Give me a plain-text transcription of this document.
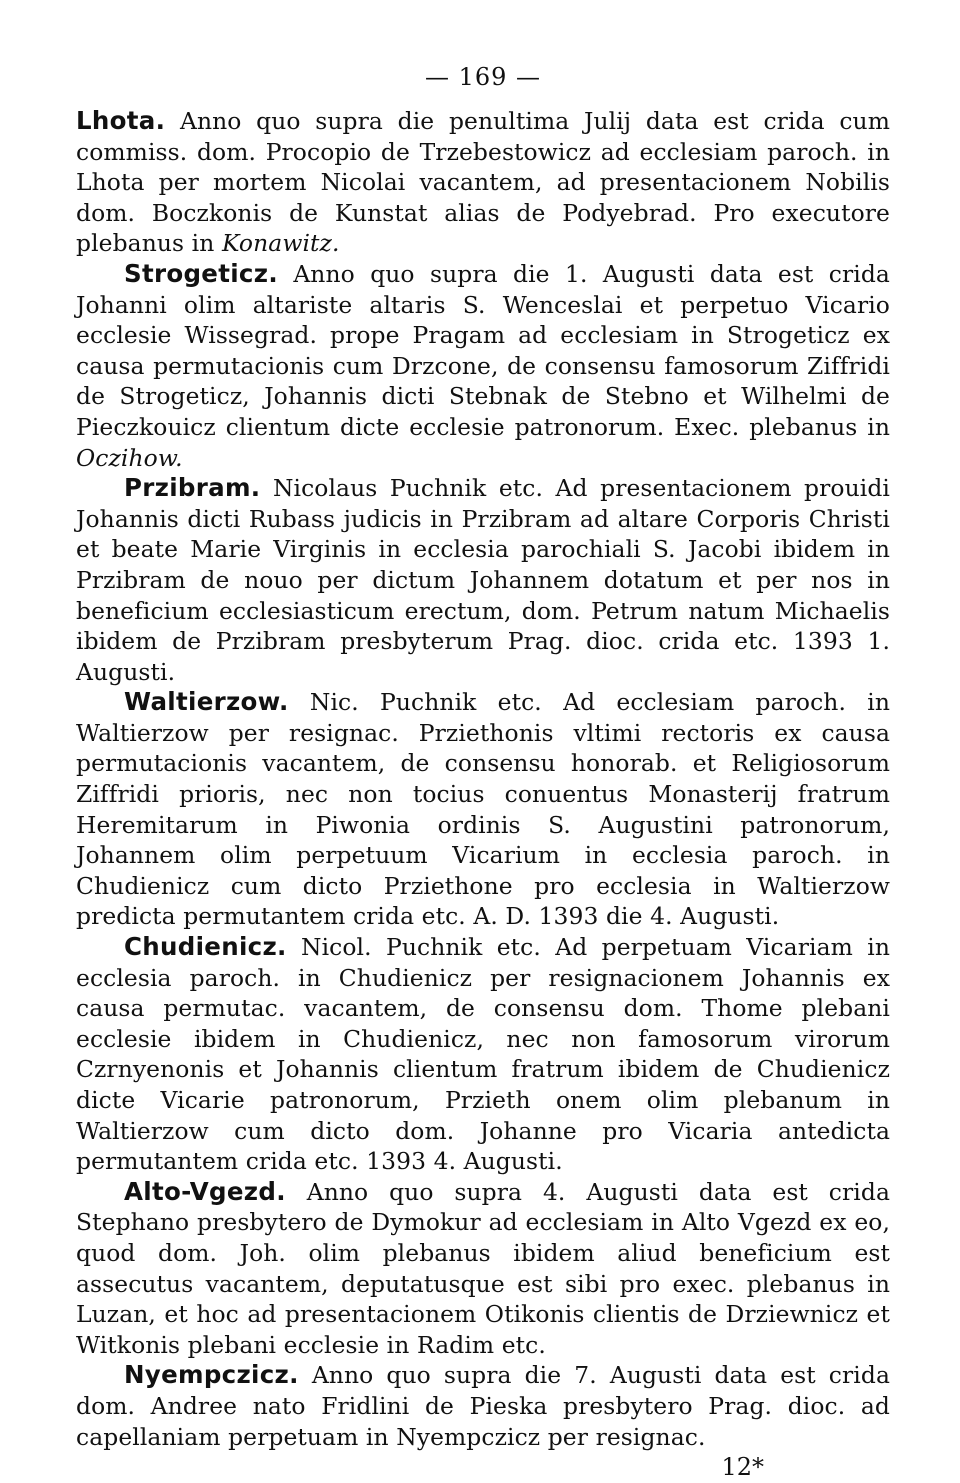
— 169 —

Lhota. Anno quo supra die penultima Julij data est crida cum commiss. dom. Procopio de Trzebestowicz ad ecclesiam paroch. in Lhota per mortem Nicolai vacantem, ad presentacionem Nobilis dom. Boczkonis de Kunstat alias de Podyebrad. Pro executore plebanus in Konawitz.

Strogeticz. Anno quo supra die 1. Augusti data est crida Johanni olim altariste altaris S. Wenceslai et perpetuo Vicario ecclesie Wissegrad. prope Pragam ad ecclesiam in Strogeticz ex causa permutacionis cum Drzcone, de consensu famosorum Ziffridi de Strogeticz, Johannis dicti Stebnak de Stebno et Wilhelmi de Pieczkouicz clientum dicte ecclesie patronorum. Exec. plebanus in Oczihow.

Przibram. Nicolaus Puchnik etc. Ad presentacionem prouidi Johannis dicti Rubass judicis in Przibram ad altare Corporis Christi et beate Marie Virginis in ecclesia parochiali S. Jacobi ibidem in Przibram de nouo per dictum Johannem dotatum et per nos in beneficium ecclesiasticum erectum, dom. Petrum natum Michaelis ibidem de Przibram presbyterum Prag. dioc. crida etc. 1393 1. Augusti.

Waltierzow. Nic. Puchnik etc. Ad ecclesiam paroch. in Waltierzow per resignac. Prziethonis vltimi rectoris ex causa permutacionis vacantem, de consensu honorab. et Religiosorum Ziffridi prioris, nec non tocius conuentus Monasterij fratrum Heremitarum in Piwonia ordinis S. Augustini patronorum, Johannem olim perpetuum Vicarium in ecclesia paroch. in Chudienicz cum dicto Prziethone pro ecclesia in Waltierzow predicta permutantem crida etc. A. D. 1393 die 4. Augusti.

Chudienicz. Nicol. Puchnik etc. Ad perpetuam Vicariam in ecclesia paroch. in Chudienicz per resignacionem Johannis ex causa permutac. vacantem, de consensu dom. Thome plebani ecclesie ibidem in Chudienicz, nec non famosorum virorum Czrnyenonis et Johannis clientum fratrum ibidem de Chudienicz dicte Vicarie patronorum, Przieth onem olim plebanum in Waltierzow cum dicto dom. Johanne pro Vicaria antedicta permutantem crida etc. 1393 4. Augusti.

Alto-Vgezd. Anno quo supra 4. Augusti data est crida Stephano presbytero de Dymokur ad ecclesiam in Alto Vgezd ex eo, quod dom. Joh. olim plebanus ibidem aliud beneficium est assecutus vacantem, deputatusque est sibi pro exec. plebanus in Luzan, et hoc ad presentacionem Otikonis clientis de Drziewnicz et Witkonis plebani ecclesie in Radim etc.

Nyempczicz. Anno quo supra die 7. Augusti data est crida dom. Andree nato Fridlini de Pieska presbytero Prag. dioc. ad capellaniam perpetuam in Nyempczicz per resignac.

12*
